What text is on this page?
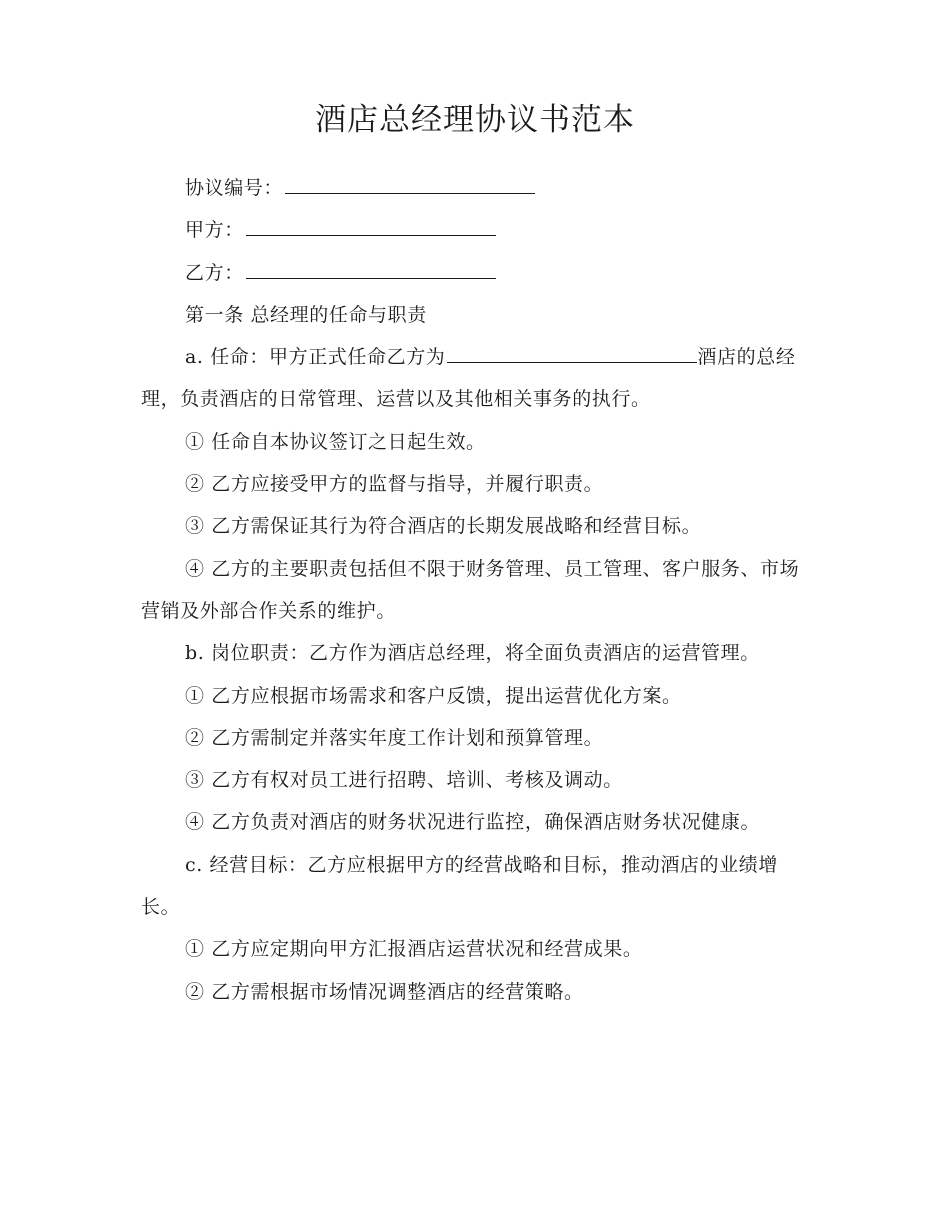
酒店总经理协议书范本

协议编号：

甲方：

乙方：

第一条 总经理的任命与职责

a. 任命：甲方正式任命乙方为	酒店的总经理，负责酒店的日常管理、运营以及其他相关事务的执行。

① 任命自本协议签订之日起生效。

② 乙方应接受甲方的监督与指导，并履行职责。

③ 乙方需保证其行为符合酒店的长期发展战略和经营目标。

④ 乙方的主要职责包括但不限于财务管理、员工管理、客户服务、市场营销及外部合作关系的维护。

b. 岗位职责：乙方作为酒店总经理，将全面负责酒店的运营管理。

① 乙方应根据市场需求和客户反馈，提出运营优化方案。

② 乙方需制定并落实年度工作计划和预算管理。

③ 乙方有权对员工进行招聘、培训、考核及调动。

④ 乙方负责对酒店的财务状况进行监控，确保酒店财务状况健康。

c. 经营目标：乙方应根据甲方的经营战略和目标，推动酒店的业绩增长。

① 乙方应定期向甲方汇报酒店运营状况和经营成果。

② 乙方需根据市场情况调整酒店的经营策略。
